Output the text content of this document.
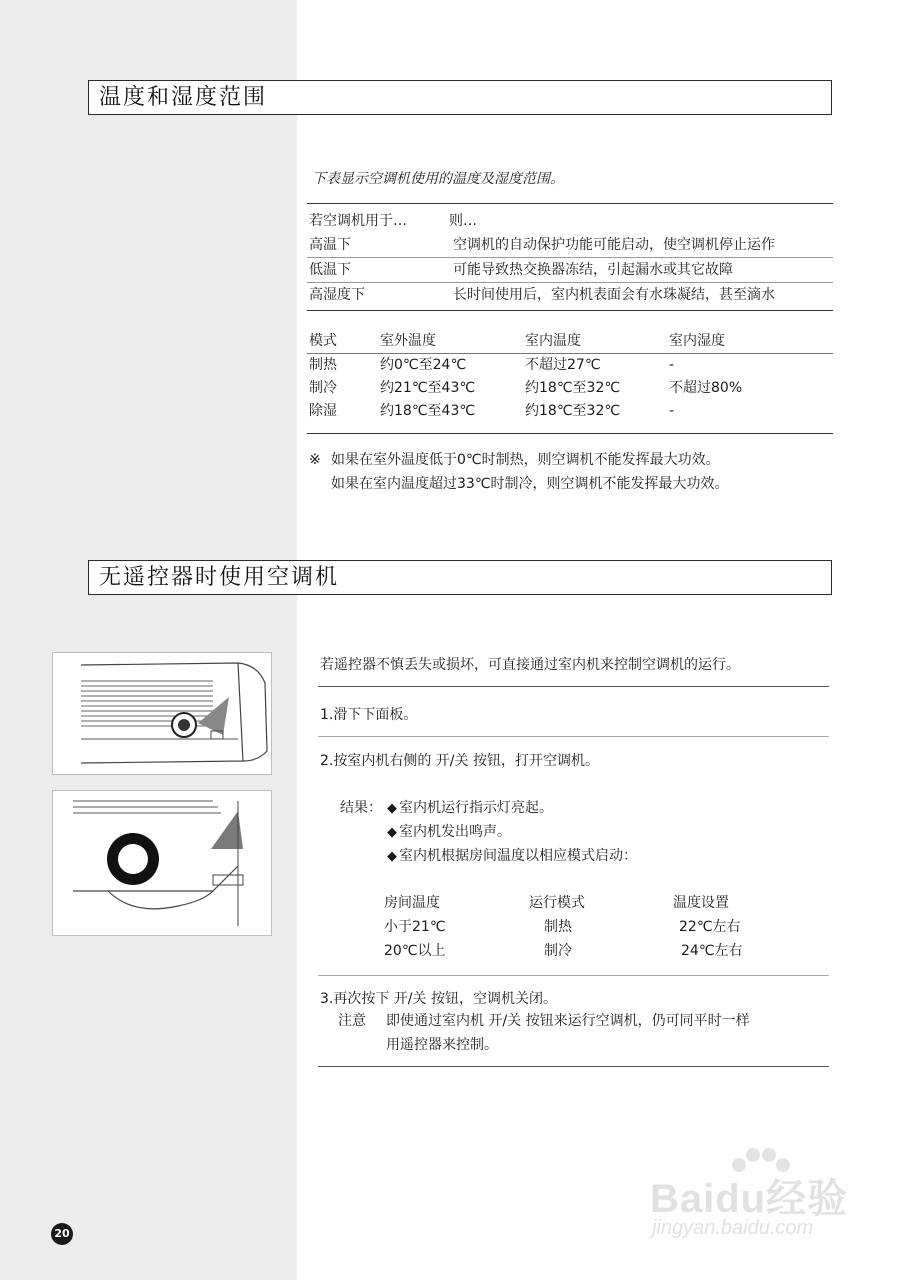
温度和湿度范围
下表显示空调机使用的温度及湿度范围。
若空调机用于…	则…
高温下	空调机的自动保护功能可能启动，使空调机停止运作
低温下	可能导致热交换器冻结，引起漏水或其它故障
高湿度下	长时间使用后，室内机表面会有水珠凝结，甚至滴水
模式	室外温度	室内温度	室内湿度
制热	约0℃至24℃	不超过27℃	-
制冷	约21℃至43℃	约18℃至32℃	不超过80%
除湿	约18℃至43℃	约18℃至32℃	-
※ 如果在室外温度低于0℃时制热，则空调机不能发挥最大功效。
如果在室内温度超过33℃时制冷，则空调机不能发挥最大功效。
无遥控器时使用空调机
若遥控器不慎丢失或损坏，可直接通过室内机来控制空调机的运行。
1.滑下下面板。
2.按室内机右侧的 开/关 按钮，打开空调机。
结果： ◆ 室内机运行指示灯亮起。
◆ 室内机发出鸣声。
◆ 室内机根据房间温度以相应模式启动：
房间温度	运行模式	温度设置
小于21℃	制热	22℃左右
20℃以上	制冷	24℃左右
3.再次按下 开/关 按钮，空调机关闭。
注意 即使通过室内机 开/关 按钮来运行空调机，仍可同平时一样
用遥控器来控制。
20
Baidu经验
jingyan.baidu.com
